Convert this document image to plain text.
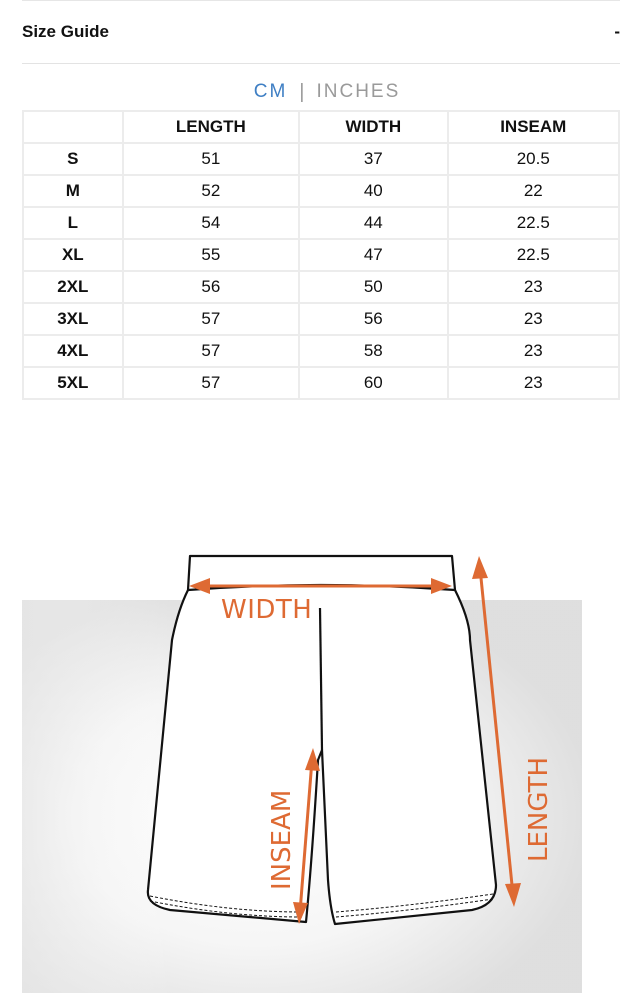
Size Guide	-
CM | INCHES
	LENGTH	WIDTH	INSEAM
S	51	37	20.5
M	52	40	22
L	54	44	22.5
XL	55	47	22.5
2XL	56	50	23
3XL	57	56	23
4XL	57	58	23
5XL	57	60	23
WIDTH
INSEAM	LENGTH
